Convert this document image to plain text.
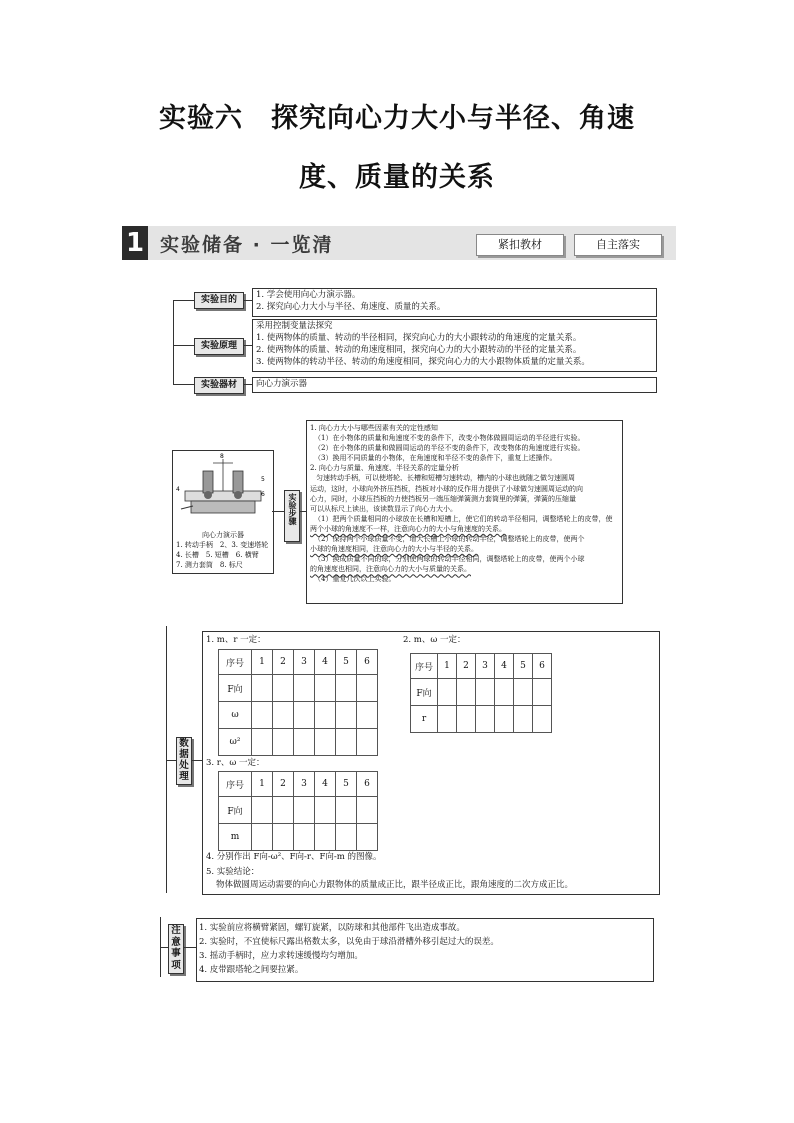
实验六　探究向心力大小与半径、角速
度、质量的关系
1 实验储备 · 一览清	紧扣教材	自主落实
实验目的	1. 学会使用向心力演示器。
2. 探究向心力大小与半径、角速度、质量的关系。
实验原理
采用控制变量法探究
1. 使两物体的质量、转动的半径相同，探究向心力的大小跟转动的角速度的定量关系。
2. 使两物体的质量、转动的角速度相同，探究向心力的大小跟转动的半径的定量关系。
3. 使两物体的转动半径、转动的角速度相同，探究向心力的大小跟物体质量的定量关系。
实验器材	向心力演示器
4
8
5
6
向心力演示器
1. 转动手柄　2、3. 变速塔轮
4. 长槽　5. 短槽　6. 横臂
7. 测力套筒　8. 标尺
实验步骤
1. 向心力大小与哪些因素有关的定性感知
（1）在小物体的质量和角速度不变的条件下，改变小物体做圆周运动的半径进行实验。
（2）在小物体的质量和做圆周运动的半径不变的条件下，改变物体的角速度进行实验。
（3）换用不同质量的小物体，在角速度和半径不变的条件下，重复上述操作。
2. 向心力与质量、角速度、半径关系的定量分析
匀速转动手柄，可以使塔轮、长槽和短槽匀速转动，槽内的小球也就随之做匀速圆周
运动，这时，小球向外挤压挡板，挡板对小球的反作用力提供了小球做匀速圆周运动的向
心力，同时，小球压挡板的力使挡板另一端压缩弹簧测力套筒里的弹簧，弹簧的压缩量
可以从标尺上读出，该读数显示了向心力大小。
（1）把两个质量相同的小球放在长槽和短槽上，使它们的转动半径相同，调整塔轮上的皮带，使
两个小球的角速度不一样，注意向心力的大小与角速度的关系。
（2）保持两个小球质量不变，增大长槽上小球的转动半径，调整塔轮上的皮带，使两个
小球的角速度相同，注意向心力的大小与半径的关系。
（3）换成质量不同的球，分别使两球的转动半径相同，调整塔轮上的皮带，使两个小球
的角速度也相同，注意向心力的大小与质量的关系。
（4）重复几次以上实验。
数据处理
1. m、r 一定：	2. m、ω 一定：
序号	1	2	3	4	5	6
F向						
ω						
ω²						
序号	1	2	3	4	5	6
F向						
r						
3. r、ω 一定：
序号	1	2	3	4	5	6
F向						
m						
4. 分别作出 F向-ω²、F向-r、F向-m 的图像。
5. 实验结论：
物体做圆周运动需要的向心力跟物体的质量成正比，跟半径成正比，跟角速度的二次方成正比。
注意事项
1. 实验前应将横臂紧固，螺钉旋紧，以防球和其他部件飞出造成事故。
2. 实验时，不宜使标尺露出格数太多，以免由于球沿滑槽外移引起过大的误差。
3. 摇动手柄时，应力求转速缓慢均匀增加。
4. 皮带跟塔轮之间要拉紧。
